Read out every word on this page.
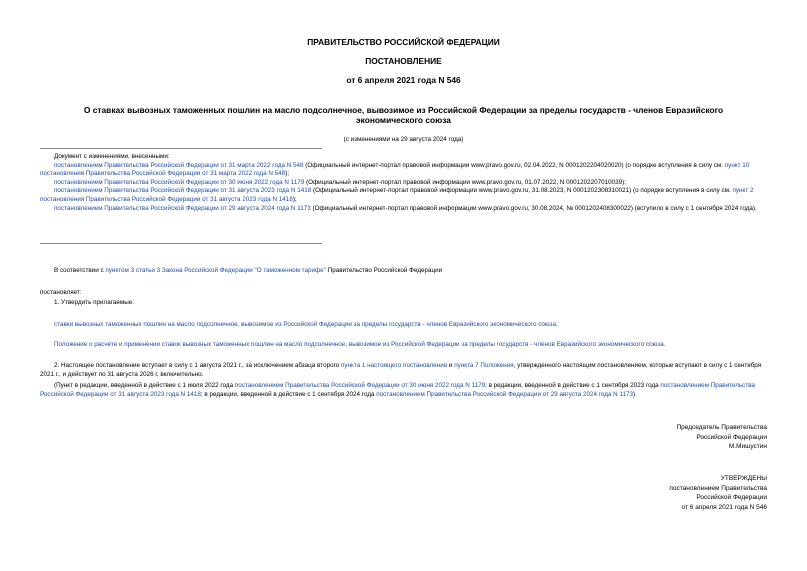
ПРАВИТЕЛЬСТВО РОССИЙСКОЙ ФЕДЕРАЦИИ
ПОСТАНОВЛЕНИЕ
от 6 апреля 2021 года N 546
О ставках вывозных таможенных пошлин на масло подсолнечное, вывозимое из Российской Федерации за пределы государств - членов Евразийского
экономического союза
(с изменениями на 29 августа 2024 года)
Документ с изменениями, внесенными:
постановлением Правительства Российской Федерации от 31 марта 2022 года N 548 (Официальный интернет-портал правовой информации www.pravo.gov.ru, 02.04.2022, N 0001202204020020) (о порядке вступления в силу см. пункт 10 постановления Правительства Российской Федерации от 31 марта 2022 года N 548);
постановлением Правительства Российской Федерации от 30 июня 2022 года N 1179 (Официальный интернет-портал правовой информации www.pravo.gov.ru, 01.07.2022, N 0001202207010039);
постановлением Правительства Российской Федерации от 31 августа 2023 года N 1418 (Официальный интернет-портал правовой информации www.pravo.gov.ru, 31.08.2023, N 0001202308310021) (о порядке вступления в силу см. пункт 2 постановления Правительства Российской Федерации от 31 августа 2023 года N 1418);
постановлением Правительства Российской Федерации от 29 августа 2024 года N 1173 (Официальный интернет-портал правовой информации www.pravo.gov.ru, 30.08.2024, № 0001202408300022) (вступило в силу с 1 сентября 2024 года).
В соответствии с пунктом 3 статьи 3 Закона Российской Федерации "О таможенном тарифе" Правительство Российской Федерации
постановляет:
1. Утвердить прилагаемые:
ставки вывозных таможенных пошлин на масло подсолнечное, вывозимое из Российской Федерации за пределы государств - членов Евразийского экономического союза;
Положение о расчете и применении ставок вывозных таможенных пошлин на масло подсолнечное, вывозимое из Российской Федерации за пределы государств - членов Евразийского экономического союза.
2. Настоящее постановление вступает в силу с 1 августа 2021 г., за исключением абзаца второго пункта 1 настоящего постановления и пункта 7 Положения, утвержденного настоящим постановлением, которые вступают в силу с 1 сентября 2021 г., и действует по 31 августа 2026 г. включительно.
(Пункт в редакции, введенной в действие с 1 июля 2022 года постановлением Правительства Российской Федерации от 30 июня 2022 года N 1179; в редакции, введенной в действие с 1 сентября 2023 года постановлением Правительства Российской Федерации от 31 августа 2023 года N 1418; в редакции, введенной в действие с 1 сентября 2024 года постановлением Правительства Российской Федерации от 29 августа 2024 года N 1173)
Председатель Правительства
Российской Федерации
М.Мишустин
УТВЕРЖДЕНЫ
постановлением Правительства
Российской Федерации
от 6 апреля 2021 года N 546
